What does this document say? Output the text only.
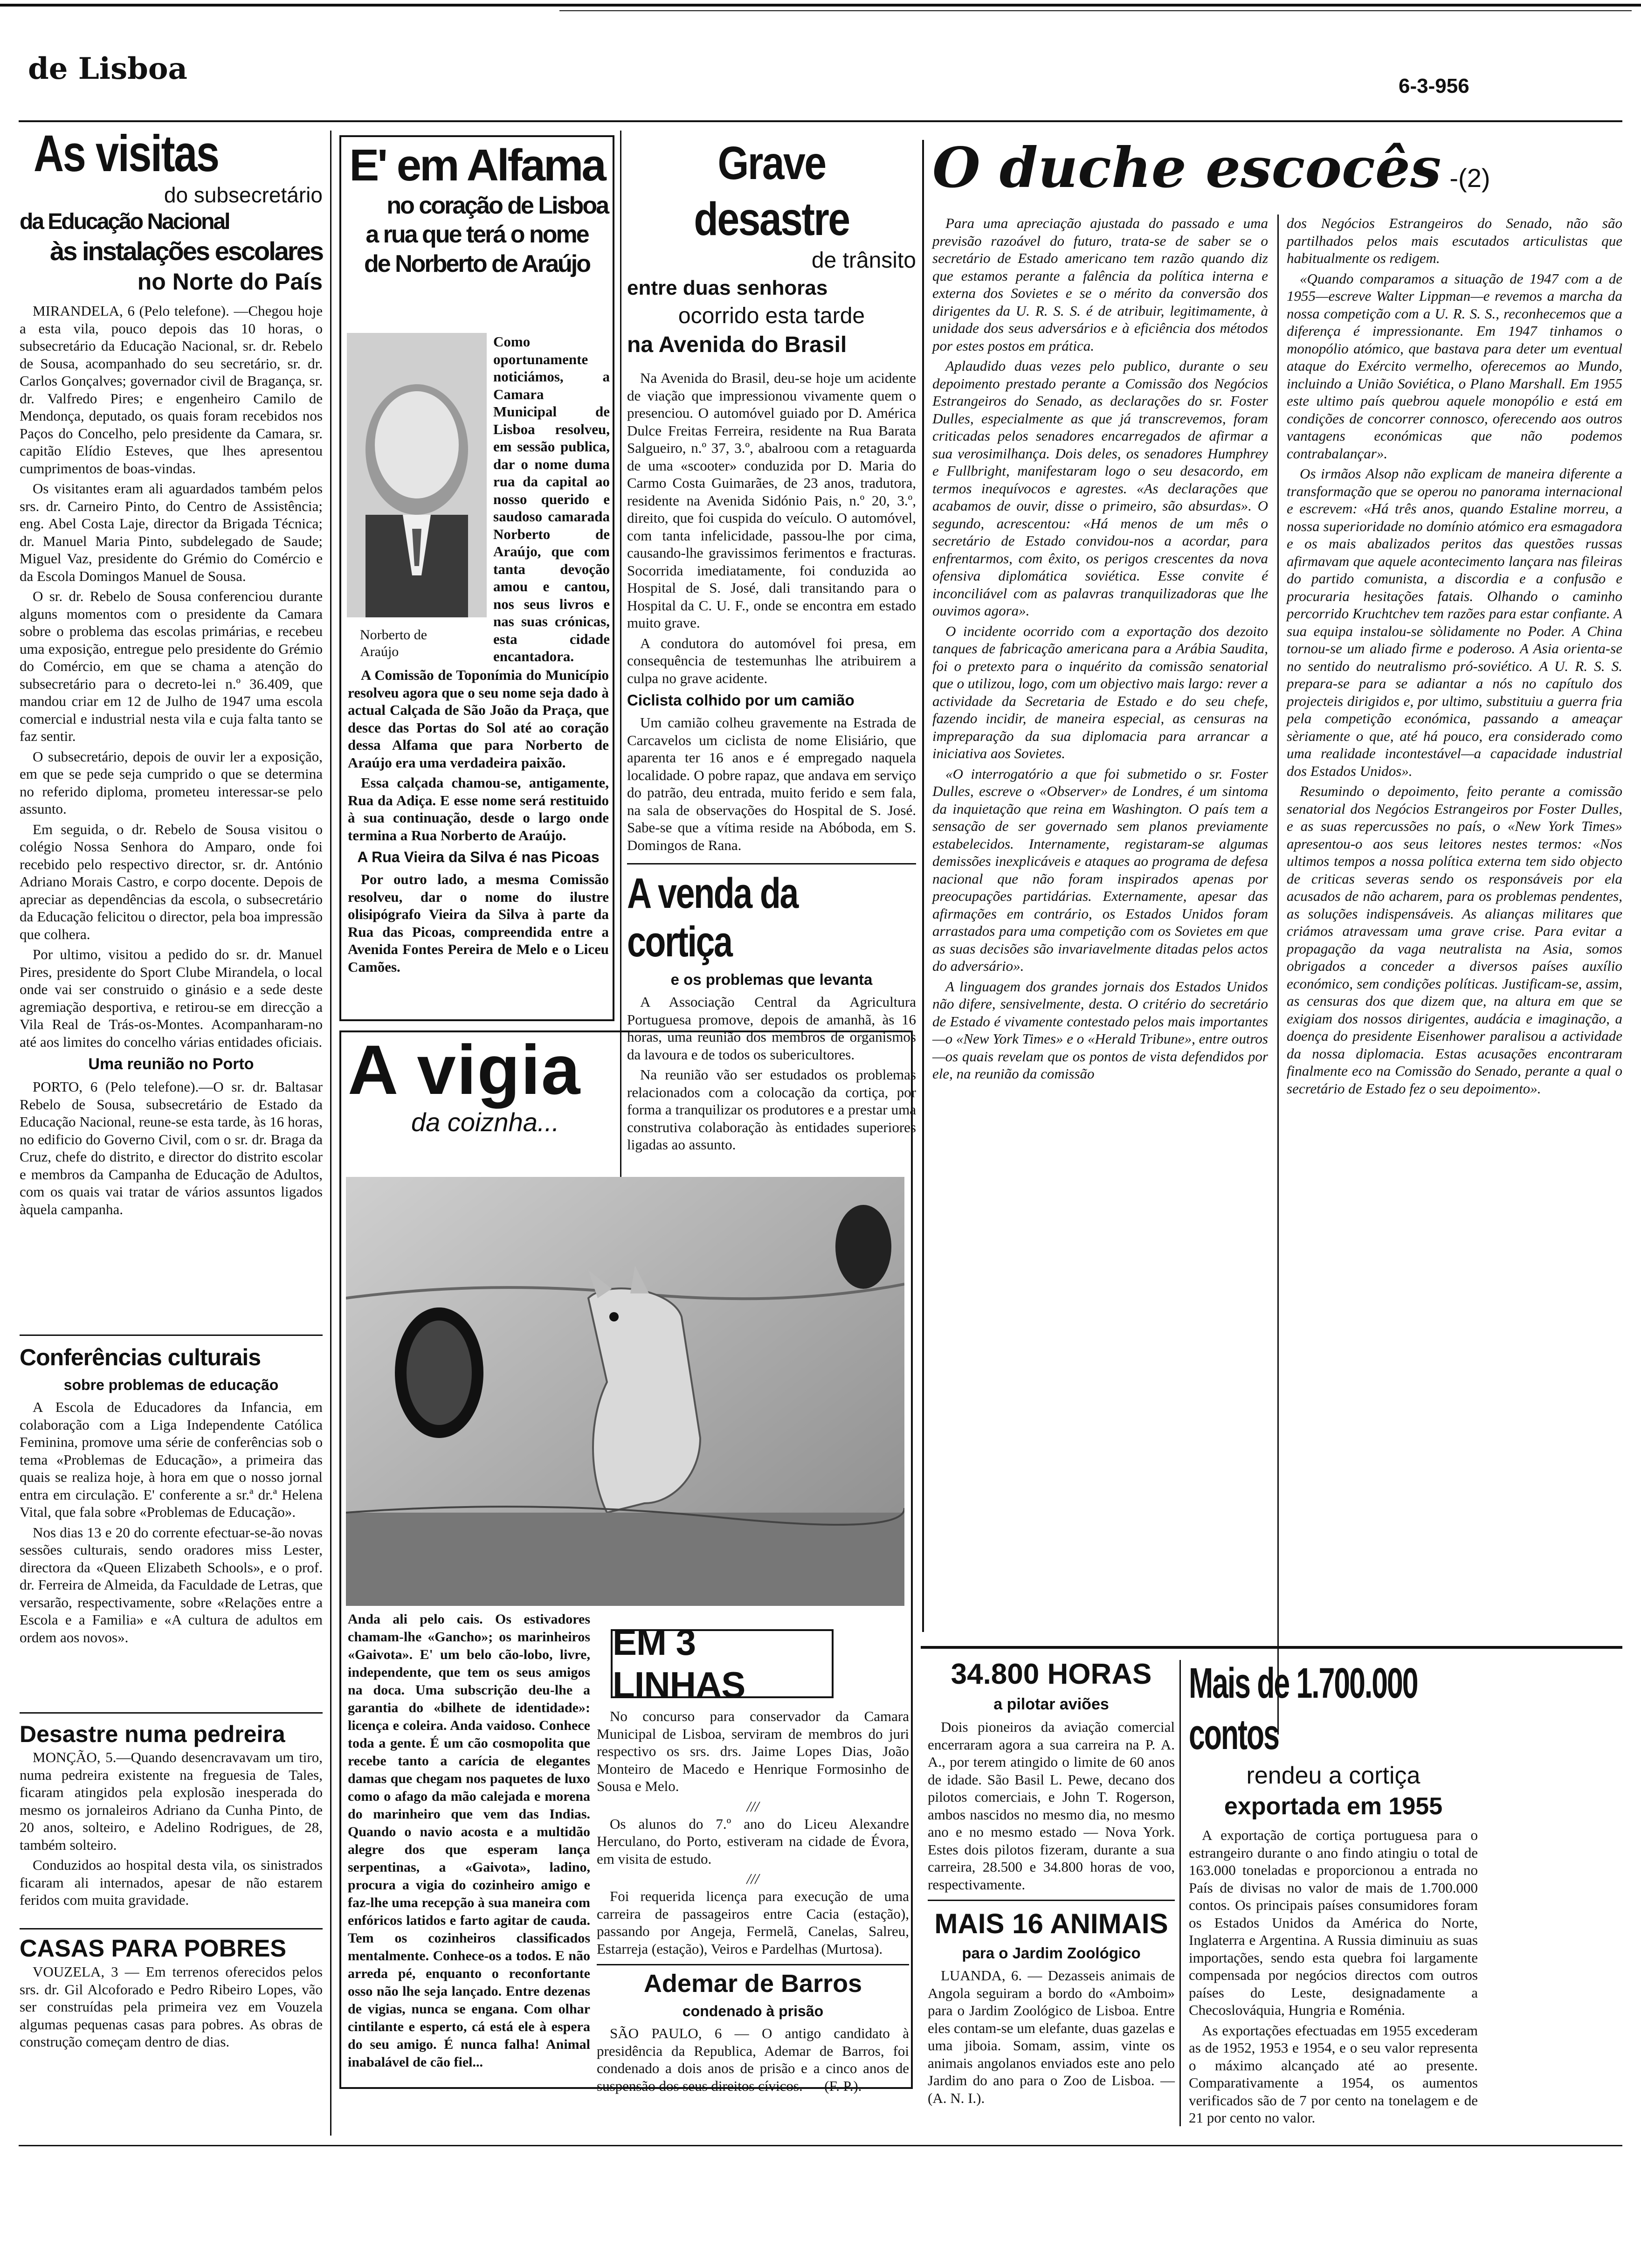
de Lisboa	6-3-956
As visitas
do subsecretário
da Educação Nacional
às instalações escolares
no Norte do País

MIRANDELA, 6 (Pelo telefone). —Chegou hoje a esta vila, pouco depois das 10 horas, o subsecretário da Educação Nacional, sr. dr. Rebelo de Sousa, acompanhado do seu secretário, sr. dr. Carlos Gonçalves; governador civil de Bragança, sr. dr. Valfredo Pires; e engenheiro Camilo de Mendonça, deputado, os quais foram recebidos nos Paços do Concelho, pelo presidente da Camara, sr. capitão Elídio Esteves, que lhes apresentou cumprimentos de boas-vindas.

Os visitantes eram ali aguardados também pelos srs. dr. Carneiro Pinto, do Centro de Assistência; eng. Abel Costa Laje, director da Brigada Técnica; dr. Manuel Maria Pinto, subdelegado de Saude; Miguel Vaz, presidente do Grémio do Comércio e da Escola Domingos Manuel de Sousa.

O sr. dr. Rebelo de Sousa conferenciou durante alguns momentos com o presidente da Camara sobre o problema das escolas primárias, e recebeu uma exposição, entregue pelo presidente do Grémio do Comércio, em que se chama a atenção do subsecretário para o decreto-lei n.º 36.409, que mandou criar em 12 de Julho de 1947 uma escola comercial e industrial nesta vila e cuja falta tanto se faz sentir.

O subsecretário, depois de ouvir ler a exposição, em que se pede seja cumprido o que se determina no referido diploma, prometeu interessar-se pelo assunto.

Em seguida, o dr. Rebelo de Sousa visitou o colégio Nossa Senhora do Amparo, onde foi recebido pelo respectivo director, sr. dr. António Adriano Morais Castro, e corpo docente. Depois de apreciar as dependências da escola, o subsecretário da Educação felicitou o director, pela boa impressão que colhera.

Por ultimo, visitou a pedido do sr. dr. Manuel Pires, presidente do Sport Clube Mirandela, o local onde vai ser construido o ginásio e a sede deste agremiação desportiva, e retirou-se em direcção a Vila Real de Trás-os-Montes. Acompanharam-no até aos limites do concelho várias entidades oficiais.

Uma reunião no Porto

PORTO, 6 (Pelo telefone).—O sr. dr. Baltasar Rebelo de Sousa, subsecretário de Estado da Educação Nacional, reune-se esta tarde, às 16 horas, no edificio do Governo Civil, com o sr. dr. Braga da Cruz, chefe do distrito, e director do distrito escolar e membros da Campanha de Educação de Adultos, com os quais vai tratar de vários assuntos ligados àquela campanha.

Conferências culturais
sobre problemas de educação

A Escola de Educadores da Infancia, em colaboração com a Liga Independente Católica Feminina, promove uma série de conferências sob o tema «Problemas de Educação», a primeira das quais se realiza hoje, à hora em que o nosso jornal entra em circulação. E' conferente a sr.ª dr.ª Helena Vital, que fala sobre «Problemas de Educação».

Nos dias 13 e 20 do corrente efectuar-se-ão novas sessões culturais, sendo oradores miss Lester, directora da «Queen Elizabeth Schools», e o prof. dr. Ferreira de Almeida, da Faculdade de Letras, que versarão, respectivamente, sobre «Relações entre a Escola e a Familia» e «A cultura de adultos em ordem aos novos».

Desastre numa pedreira

MONÇÃO, 5.—Quando desencravavam um tiro, numa pedreira existente na freguesia de Tales, ficaram atingidos pela explosão inesperada do mesmo os jornaleiros Adriano da Cunha Pinto, de 20 anos, solteiro, e Adelino Rodrigues, de 28, também solteiro.

Conduzidos ao hospital desta vila, os sinistrados ficaram ali internados, apesar de não estarem feridos com muita gravidade.

CASAS PARA POBRES

VOUZELA, 3 — Em terrenos oferecidos pelos srs. dr. Gil Alcoforado e Pedro Ribeiro Lopes, vão ser construídas pela primeira vez em Vouzela algumas pequenas casas para pobres. As obras de construção começam dentro de dias.

E' em Alfama
no coração de Lisboa
a rua que terá o nome
de Norberto de Araújo
Norberto de Araújo

Como oportunamente noticiámos, a Camara Municipal de Lisboa resolveu, em sessão publica, dar o nome duma rua da capital ao nosso querido e saudoso camarada Norberto de Araújo, que com tanta devoção amou e cantou, nos seus livros e nas suas crónicas, esta cidade encantadora.

A Comissão de Toponímia do Município resolveu agora que o seu nome seja dado à actual Calçada de São João da Praça, que desce das Portas do Sol até ao coração dessa Alfama que para Norberto de Araújo era uma verdadeira paixão.

Essa calçada chamou-se, antigamente, Rua da Adiça. E esse nome será restituido à sua continuação, desde o largo onde termina a Rua Norberto de Araújo.

A Rua Vieira da Silva é nas Picoas

Por outro lado, a mesma Comissão resolveu, dar o nome do ilustre olisipógrafo Vieira da Silva à parte da Rua das Picoas, compreendida entre a Avenida Fontes Pereira de Melo e o Liceu Camões.

A vigia
da coiznha...

Anda ali pelo cais. Os estivadores chamam-lhe «Gancho»; os marinheiros «Gaivota». E' um belo cão-lobo, livre, independente, que tem os seus amigos na doca. Uma subscrição deu-lhe a garantia do «bilhete de identidade»: licença e coleira. Anda vaidoso. Conhece toda a gente. É um cão cosmopolita que recebe tanto a carícia de elegantes damas que chegam nos paquetes de luxo como o afago da mão calejada e morena do marinheiro que vem das Indias. Quando o navio acosta e a multidão alegre dos que esperam lança serpentinas, a «Gaivota», ladino, procura a vigia do cozinheiro amigo e faz-lhe uma recepção à sua maneira com enfóricos latidos e farto agitar de cauda. Tem os cozinheiros classificados mentalmente. Conhece-os a todos. E não arreda pé, enquanto o reconfortante osso não lhe seja lançado. Entre dezenas de vigias, nunca se engana. Com olhar cintilante e esperto, cá está ele à espera do seu amigo. É nunca falha! Animal inabalável de cão fiel...

EM 3 LINHAS

No concurso para conservador da Camara Municipal de Lisboa, serviram de membros do juri respectivo os srs. drs. Jaime Lopes Dias, João Monteiro de Macedo e Henrique Formosinho de Sousa e Melo.

///

Os alunos do 7.º ano do Liceu Alexandre Herculano, do Porto, estiveram na cidade de Évora, em visita de estudo.

///

Foi requerida licença para execução de uma carreira de passageiros entre Cacia (estação), passando por Angeja, Fermelã, Canelas, Salreu, Estarreja (estação), Veiros e Pardelhas (Murtosa).

Ademar de Barros
condenado à prisão

SÃO PAULO, 6 — O antigo candidato à presidência da Republica, Ademar de Barros, foi condenado a dois anos de prisão e a cinco anos de suspensão dos seus direitos cívicos. — (F. P.).

Grave desastre
de trânsito
entre duas senhoras
ocorrido esta tarde
na Avenida do Brasil

Na Avenida do Brasil, deu-se hoje um acidente de viação que impressionou vivamente quem o presenciou. O automóvel guiado por D. América Dulce Freitas Ferreira, residente na Rua Barata Salgueiro, n.º 37, 3.º, abalroou com a retaguarda de uma «scooter» conduzida por D. Maria do Carmo Costa Guimarães, de 23 anos, tradutora, residente na Avenida Sidónio Pais, n.º 20, 3.º, direito, que foi cuspida do veículo. O automóvel, com tanta infelicidade, passou-lhe por cima, causando-lhe gravissimos ferimentos e fracturas. Socorrida imediatamente, foi conduzida ao Hospital de S. José, dali transitando para o Hospital da C. U. F., onde se encontra em estado muito grave.

A condutora do automóvel foi presa, em consequência de testemunhas lhe atribuirem a culpa no grave acidente.

Ciclista colhido por um camião

Um camião colheu gravemente na Estrada de Carcavelos um ciclista de nome Elisiário, que aparenta ter 16 anos e é empregado naquela localidade. O pobre rapaz, que andava em serviço do patrão, deu entrada, muito ferido e sem fala, na sala de observações do Hospital de S. José. Sabe-se que a vítima reside na Abóboda, em S. Domingos de Rana.

A venda da cortiça
e os problemas que levanta

A Associação Central da Agricultura Portuguesa promove, depois de amanhã, às 16 horas, uma reunião dos membros de organismos da lavoura e de todos os subericultores.

Na reunião vão ser estudados os problemas relacionados com a colocação da cortiça, por forma a tranquilizar os produtores e a prestar uma construtiva colaboração às entidades superiores ligadas ao assunto.

O duche escocês -(2)

Para uma apreciação ajustada do passado e uma previsão razoável do futuro, trata-se de saber se o secretário de Estado americano tem razão quando diz que estamos perante a falência da política interna e externa dos Sovietes e se o mérito da conversão dos dirigentes da U. R. S. S. é de atribuir, legitimamente, à unidade dos seus adversários e à eficiência dos métodos por estes postos em prática.

Aplaudido duas vezes pelo publico, durante o seu depoimento prestado perante a Comissão dos Negócios Estrangeiros do Senado, as declarações do sr. Foster Dulles, especialmente as que já transcrevemos, foram criticadas pelos senadores encarregados de afirmar a sua verosimilhança. Dois deles, os senadores Humphrey e Fullbright, manifestaram logo o seu desacordo, em termos inequívocos e agrestes. «As declarações que acabamos de ouvir, disse o primeiro, são absurdas». O segundo, acrescentou: «Há menos de um mês o secretário de Estado convidou-nos a acordar, para enfrentarmos, com êxito, os perigos crescentes da nova ofensiva diplomática soviética. Esse convite é inconciliável com as palavras tranquilizadoras que lhe ouvimos agora».

O incidente ocorrido com a exportação dos dezoito tanques de fabricação americana para a Arábia Saudita, foi o pretexto para o inquérito da comissão senatorial que o utilizou, logo, com um objectivo mais largo: rever a actividade da Secretaria de Estado e do seu chefe, fazendo incidir, de maneira especial, as censuras na impreparação da sua diplomacia para arrancar a iniciativa aos Sovietes.

«O interrogatório a que foi submetido o sr. Foster Dulles, escreve o «Observer» de Londres, é um sintoma da inquietação que reina em Washington. O país tem a sensação de ser governado sem planos previamente estabelecidos. Internamente, registaram-se algumas demissões inexplicáveis e ataques ao programa de defesa nacional que não foram inspirados apenas por preocupações partidárias. Externamente, apesar das afirmações em contrário, os Estados Unidos foram arrastados para uma competição com os Sovietes em que as suas decisões são invariavelmente ditadas pelos actos do adversário».

A linguagem dos grandes jornais dos Estados Unidos não difere, sensivelmente, desta. O critério do secretário de Estado é vivamente contestado pelos mais importantes—o «New York Times» e o «Herald Tribune», entre outros—os quais revelam que os pontos de vista defendidos por ele, na reunião da comissão

dos Negócios Estrangeiros do Senado, não são partilhados pelos mais escutados articulistas que habitualmente os redigem.

«Quando comparamos a situação de 1947 com a de 1955—escreve Walter Lippman—e revemos a marcha da nossa competição com a U. R. S. S., reconhecemos que a diferença é impressionante. Em 1947 tinhamos o monopólio atómico, que bastava para deter um eventual ataque do Exército vermelho, oferecemos ao Mundo, incluindo a União Soviética, o Plano Marshall. Em 1955 este ultimo país quebrou aquele monopólio e está em condições de concorrer connosco, oferecendo aos outros vantagens económicas que não podemos contrabalançar».

Os irmãos Alsop não explicam de maneira diferente a transformação que se operou no panorama internacional e escrevem: «Há três anos, quando Estaline morreu, a nossa superioridade no domínio atómico era esmagadora e os mais abalizados peritos das questões russas afirmavam que aquele acontecimento lançara nas fileiras do partido comunista, a discordia e a confusão e procuraria hesitações fatais. Olhando o caminho percorrido Kruchtchev tem razões para estar confiante. A sua equipa instalou-se sòlidamente no Poder. A China tornou-se um aliado firme e poderoso. A Asia orienta-se no sentido do neutralismo pró-soviético. A U. R. S. S. prepara-se para se adiantar a nós no capítulo dos projecteis dirigidos e, por ultimo, substituiu a guerra fria pela competição económica, passando a ameaçar sèriamente o que, até há pouco, era considerado como uma realidade incontestável—a capacidade industrial dos Estados Unidos».

Resumindo o depoimento, feito perante a comissão senatorial dos Negócios Estrangeiros por Foster Dulles, e as suas repercussões no país, o «New York Times» apresentou-o aos seus leitores nestes termos: «Nos ultimos tempos a nossa política externa tem sido objecto de criticas severas sendo os responsáveis por ela acusados de não acharem, para os problemas pendentes, as soluções indispensáveis. As alianças militares que criámos atravessam uma grave crise. Para evitar a propagação da vaga neutralista na Asia, somos obrigados a conceder a diversos países auxílio económico, sem condições políticas. Justificam-se, assim, as censuras dos que dizem que, na altura em que se exigiam dos nossos dirigentes, audácia e imaginação, a doença do presidente Eisenhower paralisou a actividade da nossa diplomacia. Estas acusações encontraram finalmente eco na Comissão do Senado, perante a qual o secretário de Estado fez o seu depoimento».

34.800 HORAS
a pilotar aviões

Dois pioneiros da aviação comercial encerraram agora a sua carreira na P. A. A., por terem atingido o limite de 60 anos de idade. São Basil L. Pewe, decano dos pilotos comerciais, e John T. Rogerson, ambos nascidos no mesmo dia, no mesmo ano e no mesmo estado — Nova York. Estes dois pilotos fizeram, durante a sua carreira, 28.500 e 34.800 horas de voo, respectivamente.

MAIS 16 ANIMAIS
para o Jardim Zoológico

LUANDA, 6. — Dezasseis animais de Angola seguiram a bordo do «Amboim» para o Jardim Zoológico de Lisboa. Entre eles contam-se um elefante, duas gazelas e uma jiboia. Somam, assim, vinte os animais angolanos enviados este ano pelo Jardim do ano para o Zoo de Lisboa. — (A. N. I.).

Mais de 1.700.000 contos
rendeu a cortiça
exportada em 1955

A exportação de cortiça portuguesa para o estrangeiro durante o ano findo atingiu o total de 163.000 toneladas e proporcionou a entrada no País de divisas no valor de mais de 1.700.000 contos. Os principais países consumidores foram os Estados Unidos da América do Norte, Inglaterra e Argentina. A Russia diminuiu as suas importações, sendo esta quebra foi largamente compensada por negócios directos com outros países do Leste, designadamente a Checoslováquia, Hungria e Roménia.

As exportações efectuadas em 1955 excederam as de 1952, 1953 e 1954, e o seu valor representa o máximo alcançado até ao presente. Comparativamente a 1954, os aumentos verificados são de 7 por cento na tonelagem e de 21 por cento no valor.
